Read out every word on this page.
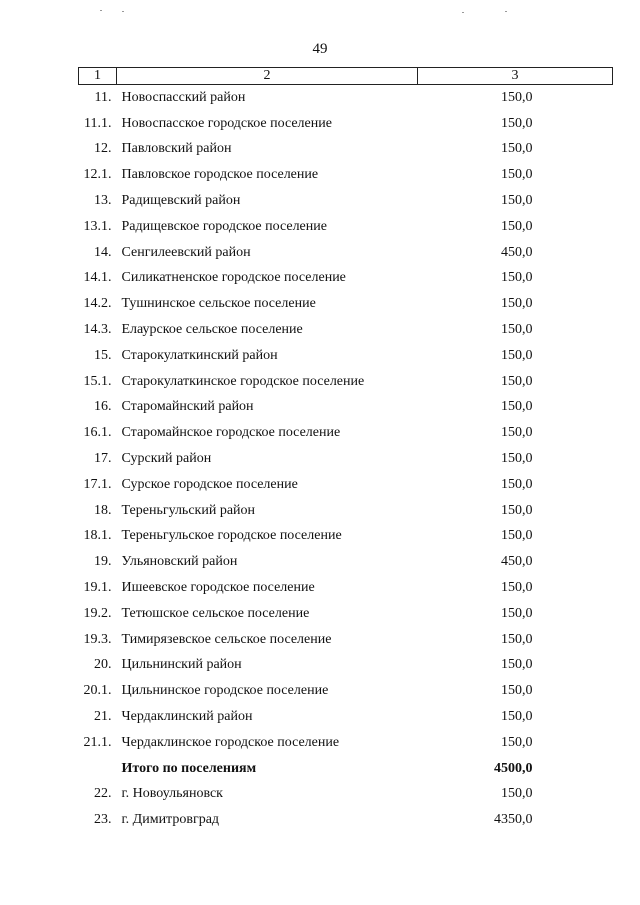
49
1	2	3
11.	Новоспасский район	150,0
11.1.	Новоспасское городское поселение	150,0
12.	Павловский район	150,0
12.1.	Павловское городское поселение	150,0
13.	Радищевский район	150,0
13.1.	Радищевское городское поселение	150,0
14.	Сенгилеевский район	450,0
14.1.	Силикатненское городское поселение	150,0
14.2.	Тушнинское сельское поселение	150,0
14.3.	Елаурское сельское поселение	150,0
15.	Старокулаткинский район	150,0
15.1.	Старокулаткинское городское поселение	150,0
16.	Старомайнский район	150,0
16.1.	Старомайнское городское поселение	150,0
17.	Сурский район	150,0
17.1.	Сурское городское поселение	150,0
18.	Тереньгульский район	150,0
18.1.	Тереньгульское городское поселение	150,0
19.	Ульяновский район	450,0
19.1.	Ишеевское городское поселение	150,0
19.2.	Тетюшское сельское поселение	150,0
19.3.	Тимирязевское сельское поселение	150,0
20.	Цильнинский район	150,0
20.1.	Цильнинское городское поселение	150,0
21.	Чердаклинский район	150,0
21.1.	Чердаклинское городское поселение	150,0
	Итого по поселениям	4500,0
22.	г. Новоульяновск	150,0
23.	г. Димитровград	4350,0
